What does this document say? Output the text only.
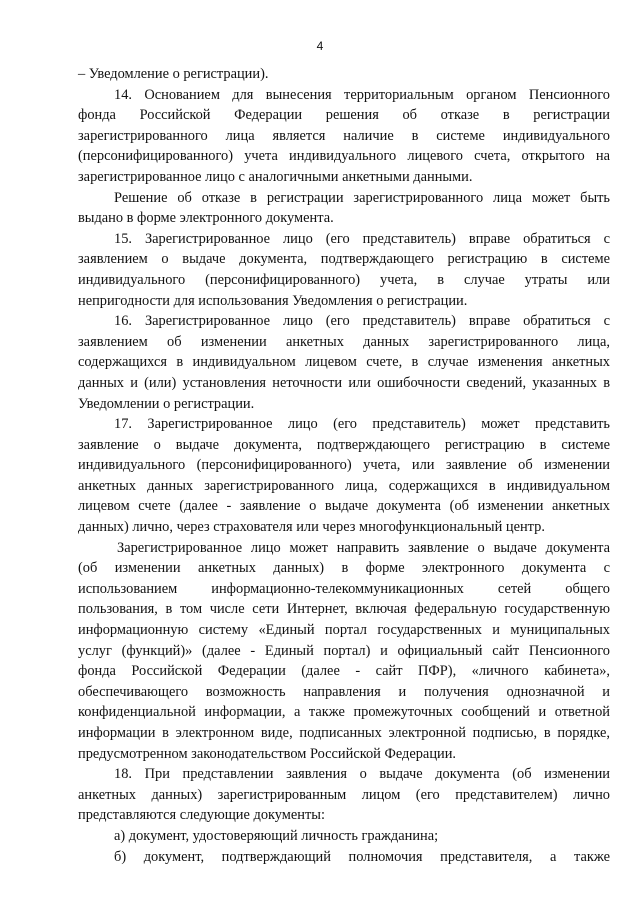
4
– Уведомление о регистрации).
14. Основанием для вынесения территориальным органом Пенсионного
фонда Российской Федерации решения об отказе в регистрации
зарегистрированного лица является наличие в системе индивидуального
(персонифицированного) учета индивидуального лицевого счета, открытого на
зарегистрированное лицо с аналогичными анкетными данными.
Решение об отказе в регистрации зарегистрированного лица может быть
выдано в форме электронного документа.
15. Зарегистрированное лицо (его представитель) вправе обратиться с
заявлением о выдаче документа, подтверждающего регистрацию в системе
индивидуального (персонифицированного) учета, в случае утраты или
непригодности для использования Уведомления о регистрации.
16. Зарегистрированное лицо (его представитель) вправе обратиться с
заявлением об изменении анкетных данных зарегистрированного лица,
содержащихся в индивидуальном лицевом счете, в случае изменения анкетных
данных и (или) установления неточности или ошибочности сведений, указанных в
Уведомлении о регистрации.
17. Зарегистрированное лицо (его представитель) может представить
заявление о выдаче документа, подтверждающего регистрацию в системе
индивидуального (персонифицированного) учета, или заявление об изменении
анкетных данных зарегистрированного лица, содержащихся в индивидуальном
лицевом счете (далее - заявление о выдаче документа (об изменении анкетных
данных) лично, через страхователя или через многофункциональный центр.
Зарегистрированное лицо может направить заявление о выдаче документа
(об изменении анкетных данных) в форме электронного документа с
использованием информационно-телекоммуникационных сетей общего
пользования, в том числе сети Интернет, включая федеральную государственную
информационную систему «Единый портал государственных и муниципальных
услуг (функций)» (далее - Единый портал) и официальный сайт Пенсионного
фонда Российской Федерации (далее - сайт ПФР), «личного кабинета»,
обеспечивающего возможность направления и получения однозначной и
конфиденциальной информации, а также промежуточных сообщений и ответной
информации в электронном виде, подписанных электронной подписью, в порядке,
предусмотренном законодательством Российской Федерации.
18. При представлении заявления о выдаче документа (об изменении
анкетных данных) зарегистрированным лицом (его представителем) лично
представляются следующие документы:
а) документ, удостоверяющий личность гражданина;
б) документ, подтверждающий полномочия представителя, а также
